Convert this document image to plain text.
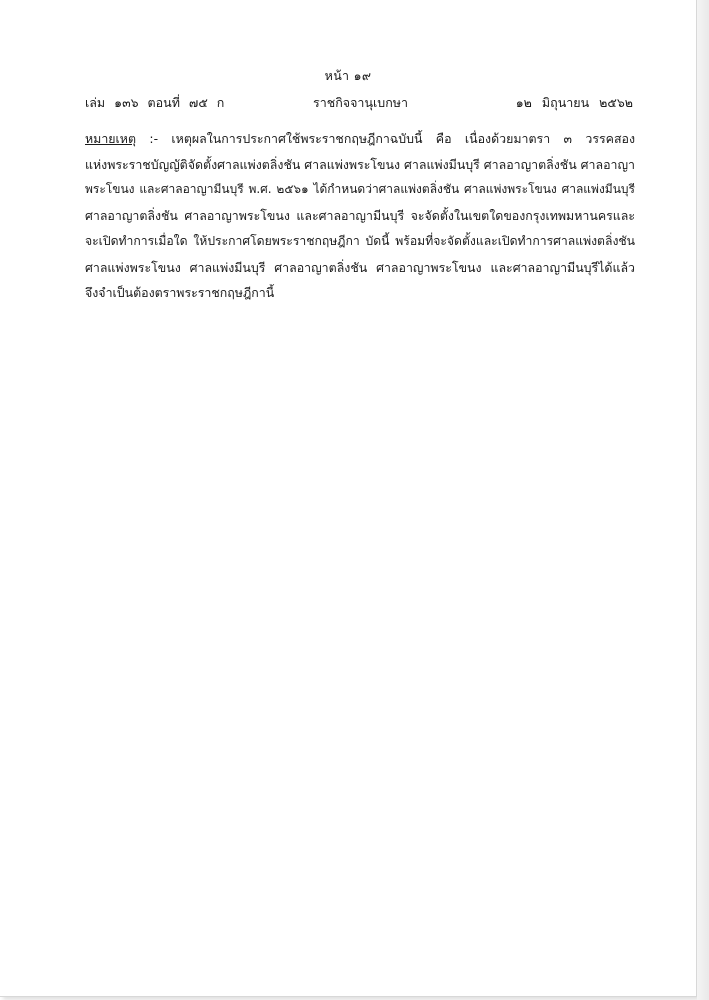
หน้า ๑๙
เล่ม ๑๓๖ ตอนที่ ๗๕ ก	ราชกิจจานุเบกษา	๑๒ มิถุนายน ๒๕๖๒
หมายเหตุ :- เหตุผลในการประกาศใช้พระราชกฤษฎีกาฉบับนี้ คือ เนื่องด้วยมาตรา ๓ วรรคสอง
แห่งพระราชบัญญัติจัดตั้งศาลแพ่งตลิ่งชัน ศาลแพ่งพระโขนง ศาลแพ่งมีนบุรี ศาลอาญาตลิ่งชัน ศาลอาญา
พระโขนง และศาลอาญามีนบุรี พ.ศ. ๒๕๖๑ ได้กำหนดว่าศาลแพ่งตลิ่งชัน ศาลแพ่งพระโขนง ศาลแพ่งมีนบุรี
ศาลอาญาตลิ่งชัน ศาลอาญาพระโขนง และศาลอาญามีนบุรี จะจัดตั้งในเขตใดของกรุงเทพมหานครและ
จะเปิดทำการเมื่อใด ให้ประกาศโดยพระราชกฤษฎีกา บัดนี้ พร้อมที่จะจัดตั้งและเปิดทำการศาลแพ่งตลิ่งชัน
ศาลแพ่งพระโขนง ศาลแพ่งมีนบุรี ศาลอาญาตลิ่งชัน ศาลอาญาพระโขนง และศาลอาญามีนบุรีได้แล้ว
จึงจำเป็นต้องตราพระราชกฤษฎีกานี้
